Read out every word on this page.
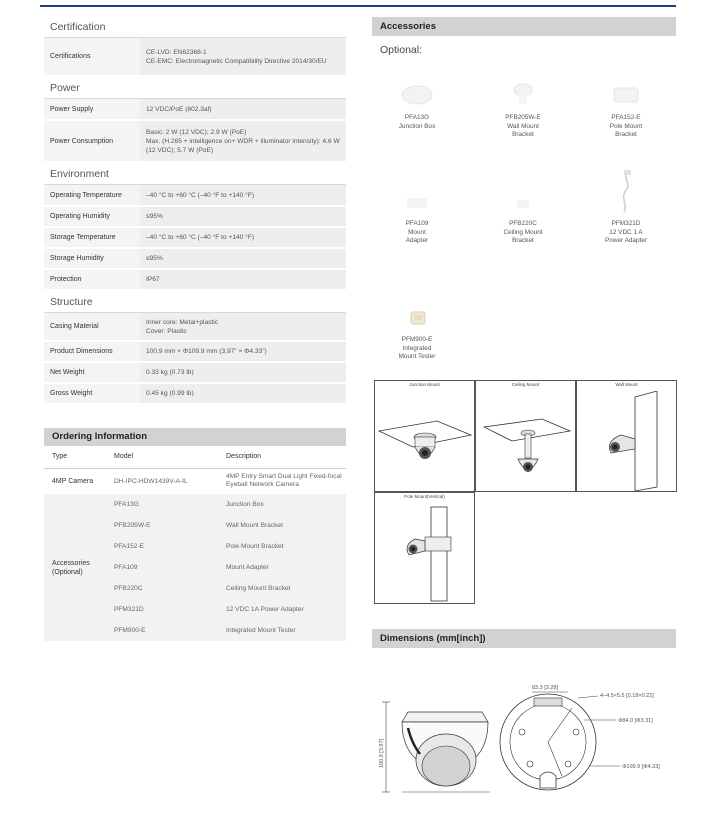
Certification
Certifications	CE-LVD: EN62368-1
CE-EMC: Electromagnetic Compatibility Directive 2014/30/EU
Power
Power Supply	12 VDC/PoE (802.3af)
Power Consumption	Basic: 2 W (12 VDC); 2.9 W (PoE)
Max. (H.265 + intelligence on+ WDR + illuminator intensity): 4.6 W (12 VDC); 5.7 W (PoE)
Environment
Operating Temperature	–40 °C to +60 °C (–40 °F to +140 °F)
Operating Humidity	≤95%
Storage Temperature	–40 °C to +60 °C (–40 °F to +140 °F)
Storage Humidity	≤95%
Protection	IP67
Structure
Casing Material	Inner core: Metal+plastic
Cover: Plastic
Product Dimensions	100.9 mm × Φ109.9 mm (3.97" × Φ4.33")
Net Weight	0.33 kg (0.73 lb)
Gross Weight	0.45 kg (0.99 lb)
Ordering Information
Type	Model	Description
4MP Camera	DH-IPC-HDW1439V-A-IL	4MP Entry Smart Dual Light Fixed-focal Eyeball Network Camera
Accessories (Optional)	PFA13G	Junction Box
	PFB205W-E	Wall Mount Bracket
	PFA152-E	Pole Mount Bracket
	PFA109	Mount Adapter
	PFB220C	Ceiling Mount Bracket
	PFM321D	12 VDC 1A Power Adapter
	PFM900-E	Integrated Mount Tester
Accessories
Optional:
PFA13G
Junction Box
PFB205W-E
Wall Mount
Bracket
PFA152-E
Pole Mount
Bracket
PFA109
Mount
Adapter
PFB220C
Ceiling Mount
Bracket
PFM321D
12 VDC 1 A
Power Adapter
PFM900-E
Integrated
Mount Tester
Junction Mount	Ceiling Mount	Wall Mount
Pole Mount(Vertical)
Dimensions (mm[inch])
100.9 [3.97]
83.3 [3.28]
4–4.5×5.5 [0.18×0.22]
Φ84.0 [Φ3.31]
Φ109.9 [Φ4.33]
